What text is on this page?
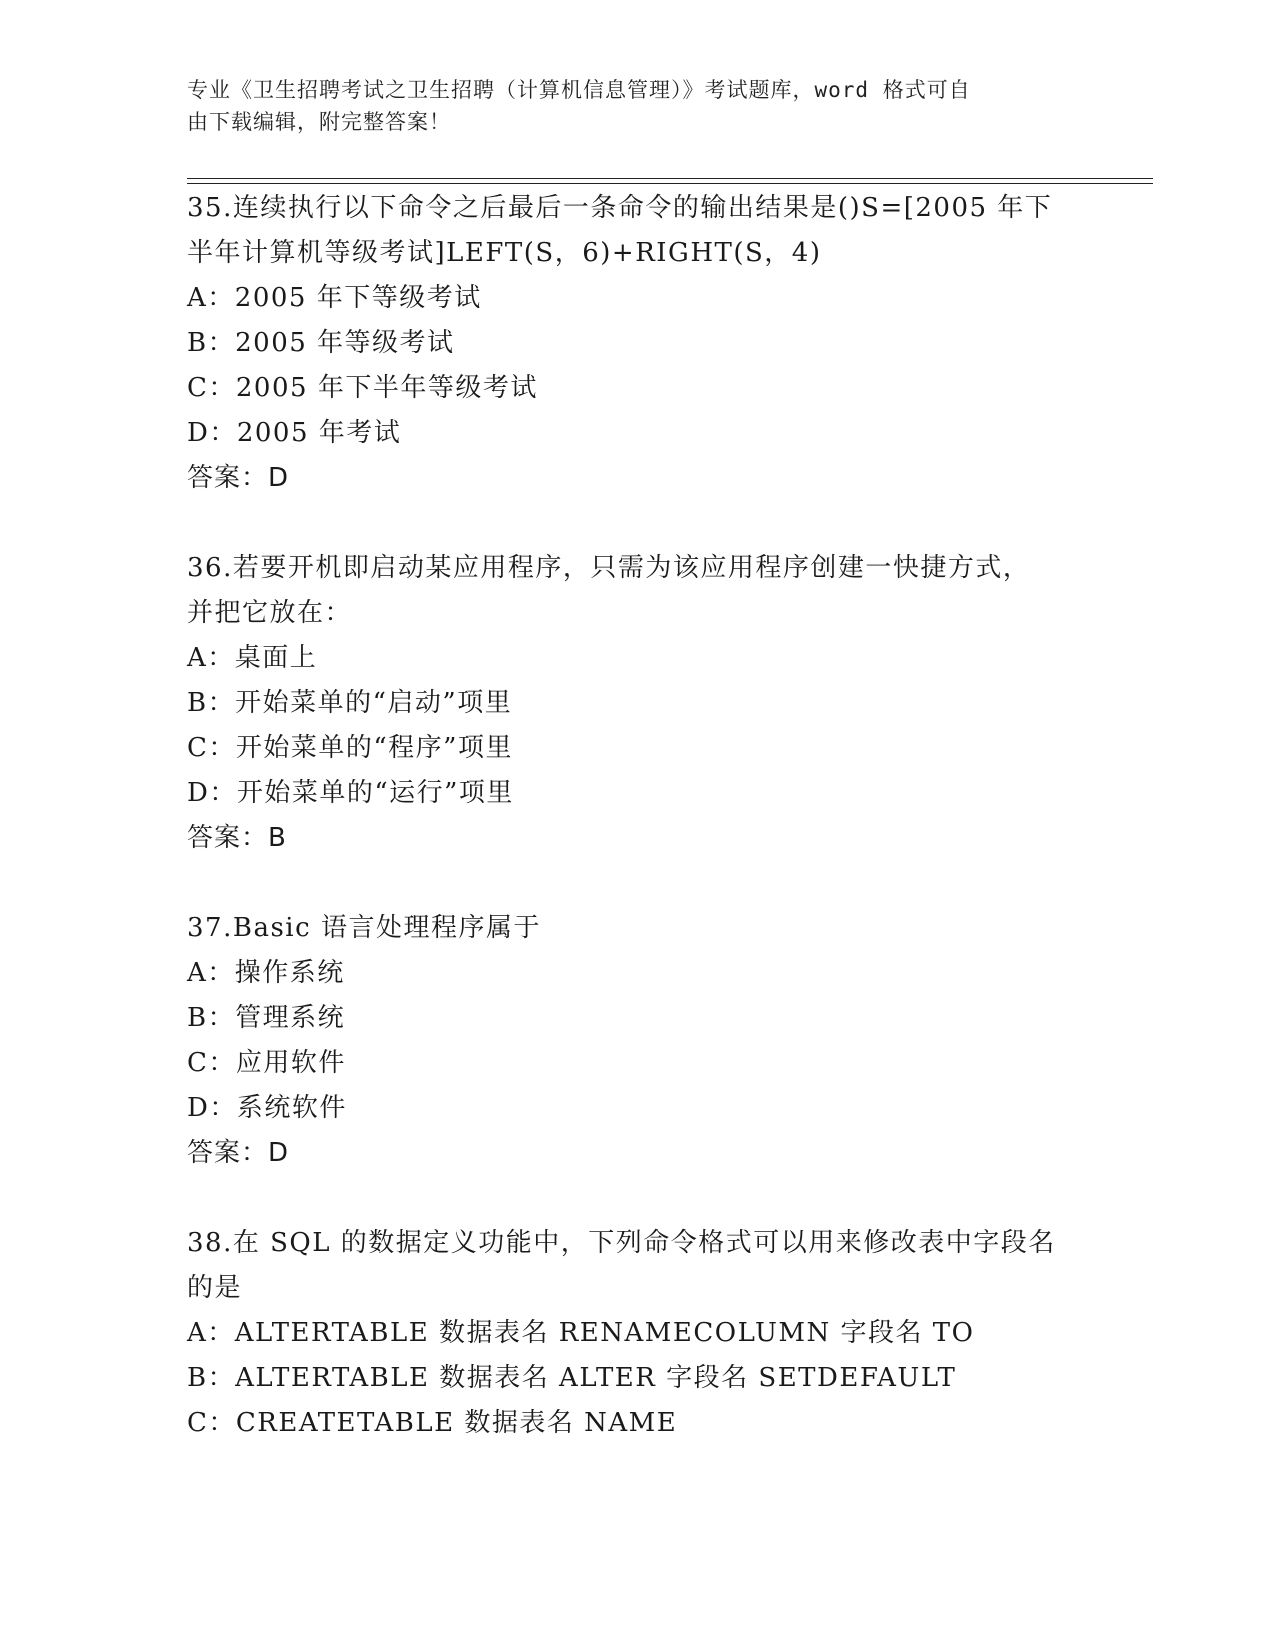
专业《卫生招聘考试之卫生招聘（计算机信息管理）》考试题库，word 格式可自
由下载编辑，附完整答案！
35.连续执行以下命令之后最后一条命令的输出结果是()S=[2005 年下
半年计算机等级考试]LEFT(S，6)+RIGHT(S，4)
A：2005 年下等级考试
B：2005 年等级考试
C：2005 年下半年等级考试
D：2005 年考试
答案：D
36.若要开机即启动某应用程序，只需为该应用程序创建一快捷方式，
并把它放在：
A：桌面上
B：开始菜单的“启动”项里
C：开始菜单的“程序”项里
D：开始菜单的“运行”项里
答案：B
37.Basic 语言处理程序属于
A：操作系统
B：管理系统
C：应用软件
D：系统软件
答案：D
38.在 SQL 的数据定义功能中，下列命令格式可以用来修改表中字段名
的是
A：ALTERTABLE 数据表名 RENAMECOLUMN 字段名 TO
B：ALTERTABLE 数据表名 ALTER 字段名 SETDEFAULT
C：CREATETABLE 数据表名 NAME
